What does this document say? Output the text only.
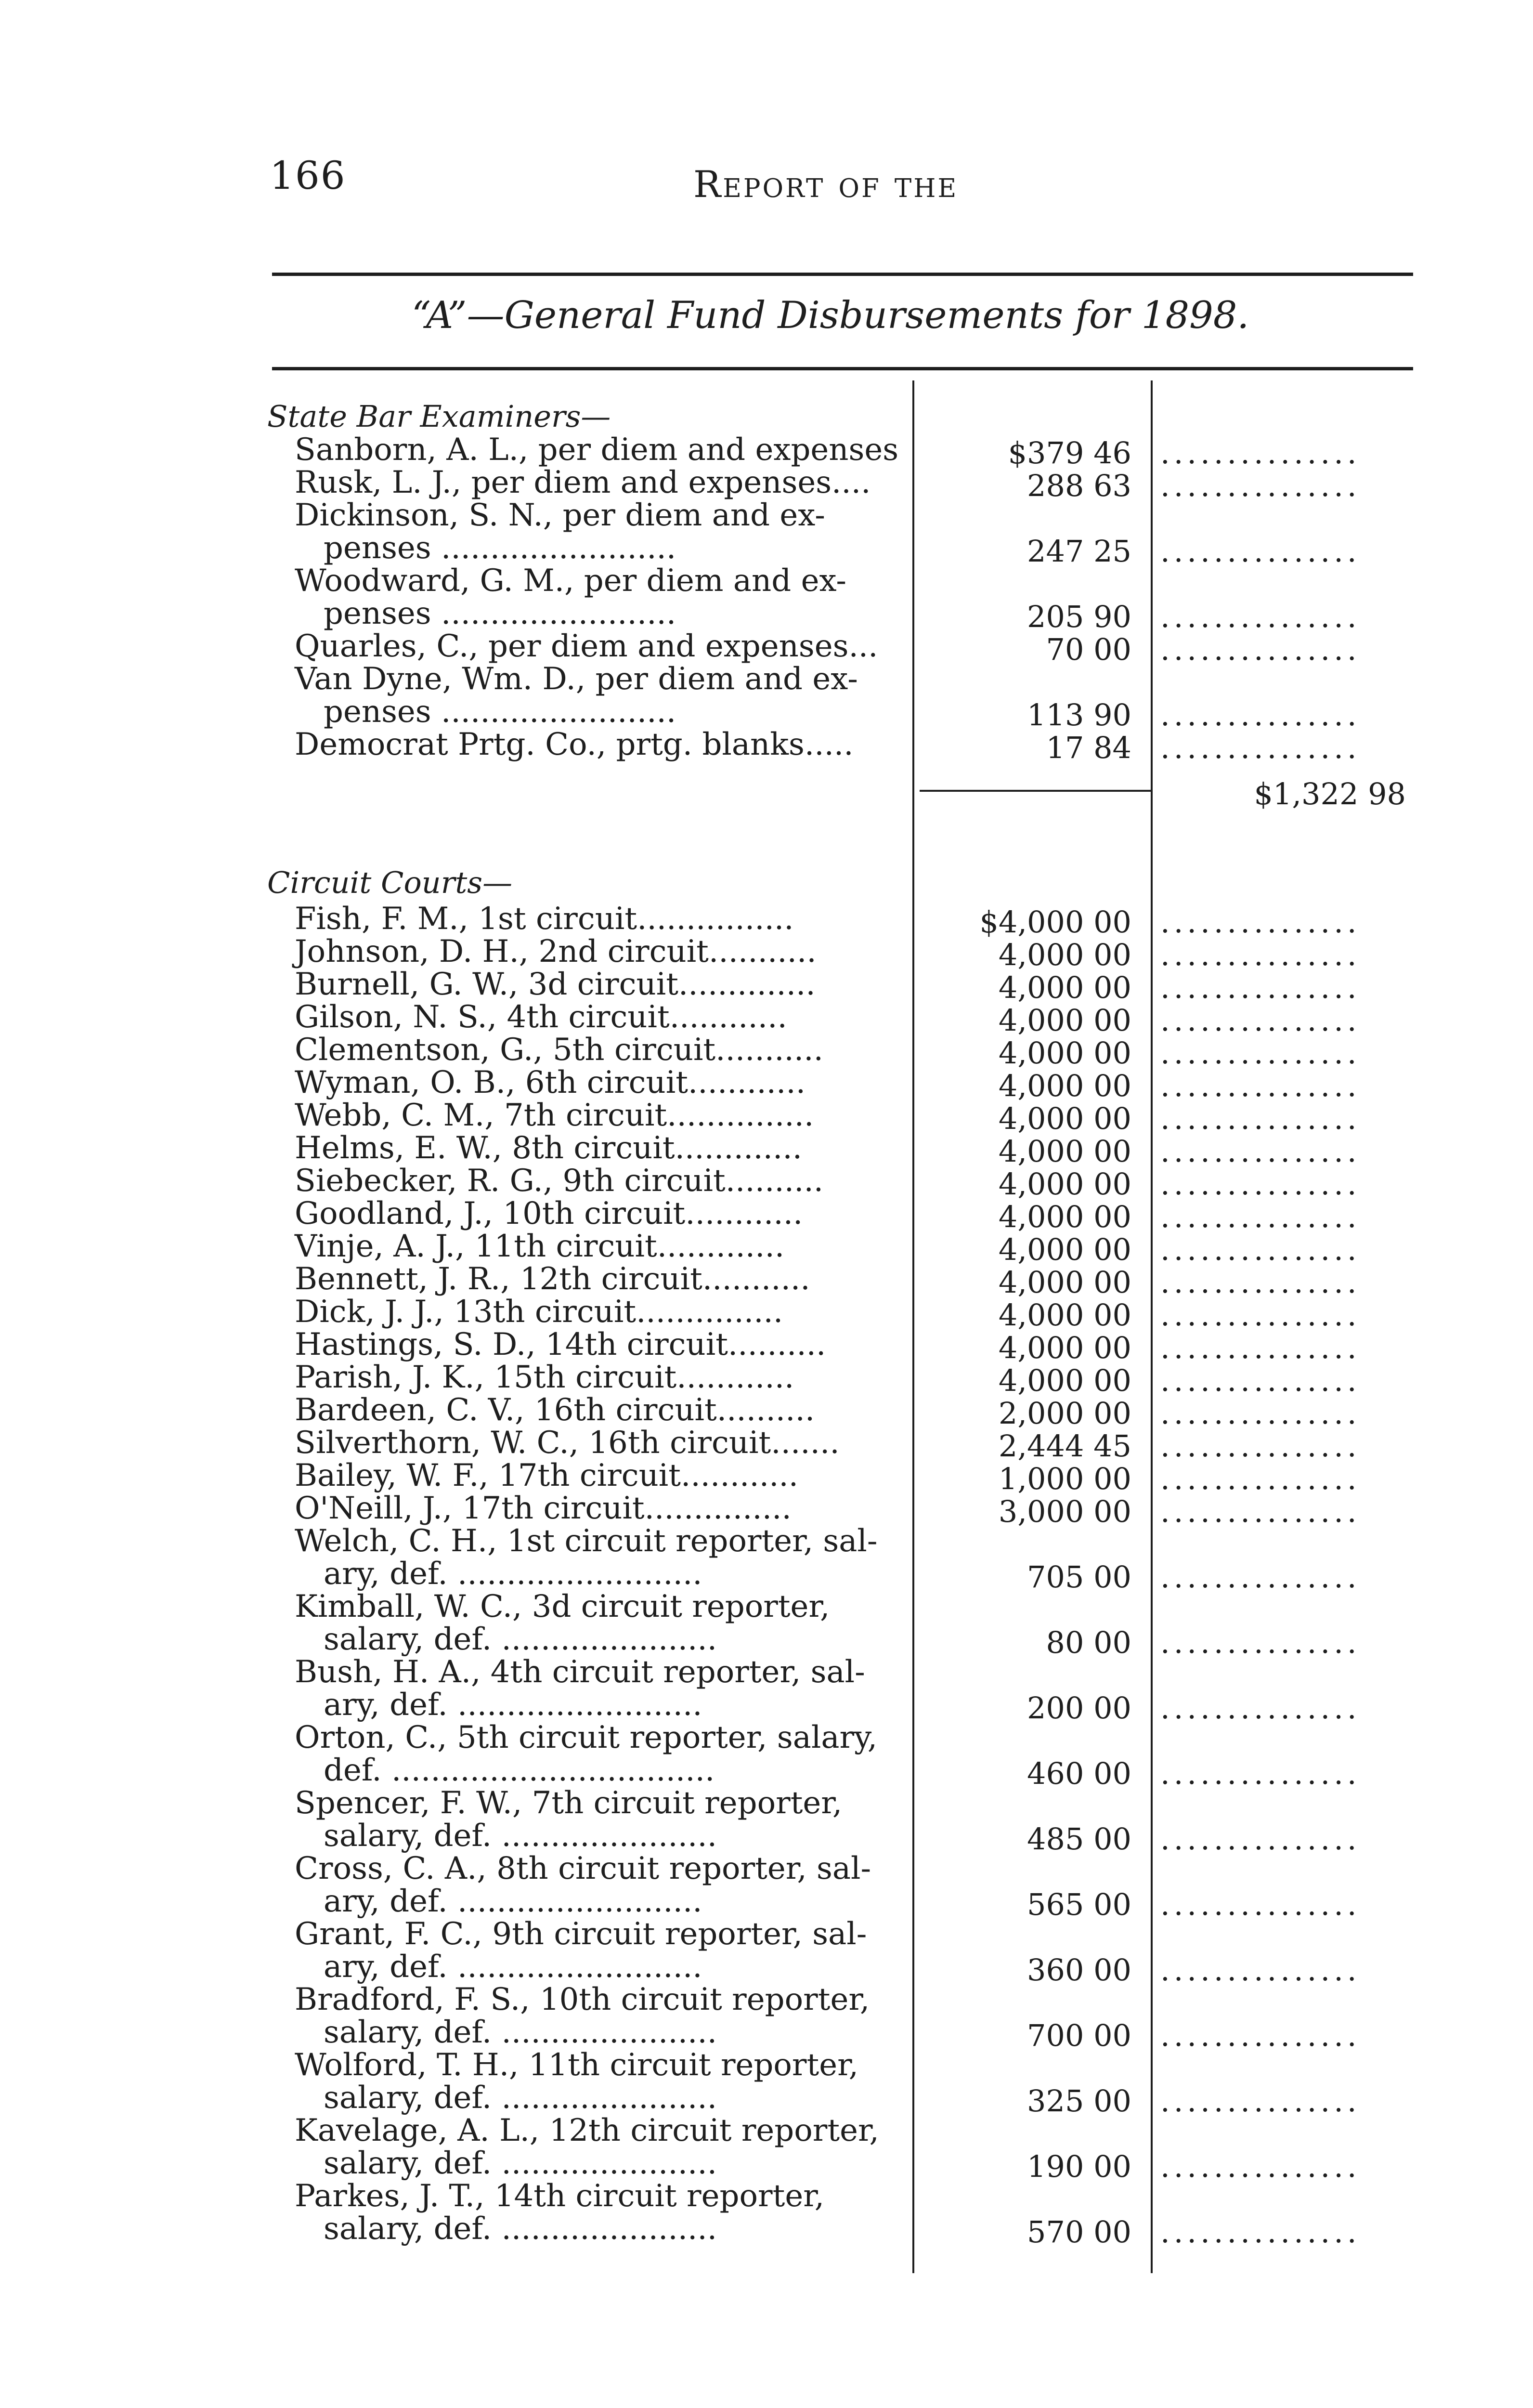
166	Report of the
“A”—General Fund Disbursements for 1898.
State Bar Examiners—
Sanborn, A. L., per diem and expenses	$379 46 ...............
Rusk, L. J., per diem and expenses....	288 63 ...............
Dickinson, S. N., per diem and ex-
penses ........................	247 25 ...............
Woodward, G. M., per diem and ex-
penses ........................	205 90 ...............
Quarles, C., per diem and expenses...	70 00 ...............
Van Dyne, Wm. D., per diem and ex-
penses ........................	113 90 ...............
Democrat Prtg. Co., prtg. blanks.....	17 84 ...............
$1,322 98
Circuit Courts—
Fish, F. M., 1st circuit................	$4,000 00 ...............
Johnson, D. H., 2nd circuit...........	4,000 00 ...............
Burnell, G. W., 3d circuit..............	4,000 00 ...............
Gilson, N. S., 4th circuit............	4,000 00 ...............
Clementson, G., 5th circuit...........	4,000 00 ...............
Wyman, O. B., 6th circuit............	4,000 00 ...............
Webb, C. M., 7th circuit...............	4,000 00 ...............
Helms, E. W., 8th circuit.............	4,000 00 ...............
Siebecker, R. G., 9th circuit..........	4,000 00 ...............
Goodland, J., 10th circuit............	4,000 00 ...............
Vinje, A. J., 11th circuit.............	4,000 00 ...............
Bennett, J. R., 12th circuit...........	4,000 00 ...............
Dick, J. J., 13th circuit...............	4,000 00 ...............
Hastings, S. D., 14th circuit..........	4,000 00 ...............
Parish, J. K., 15th circuit............	4,000 00 ...............
Bardeen, C. V., 16th circuit..........	2,000 00 ...............
Silverthorn, W. C., 16th circuit.......	2,444 45 ...............
Bailey, W. F., 17th circuit............	1,000 00 ...............
O'Neill, J., 17th circuit...............	3,000 00 ...............
Welch, C. H., 1st circuit reporter, sal-
ary, def. .........................	705 00 ...............
Kimball, W. C., 3d circuit reporter,
salary, def. ......................	80 00 ...............
Bush, H. A., 4th circuit reporter, sal-
ary, def. .........................	200 00 ...............
Orton, C., 5th circuit reporter, salary,
def. .................................	460 00 ...............
Spencer, F. W., 7th circuit reporter,
salary, def. ......................	485 00 ...............
Cross, C. A., 8th circuit reporter, sal-
ary, def. .........................	565 00 ...............
Grant, F. C., 9th circuit reporter, sal-
ary, def. .........................	360 00 ...............
Bradford, F. S., 10th circuit reporter,
salary, def. ......................	700 00 ...............
Wolford, T. H., 11th circuit reporter,
salary, def. ......................	325 00 ...............
Kavelage, A. L., 12th circuit reporter,
salary, def. ......................	190 00 ...............
Parkes, J. T., 14th circuit reporter,
salary, def. ......................	570 00 ...............
